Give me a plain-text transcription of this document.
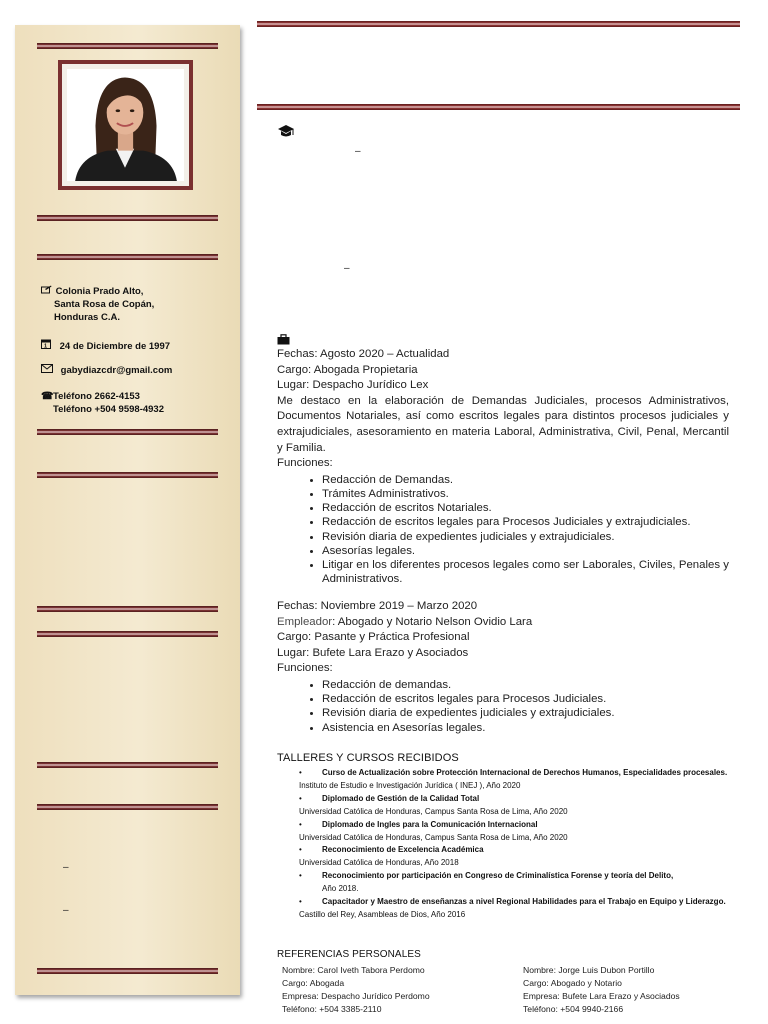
Colonia Prado Alto,
Santa Rosa de Copán,
Honduras C.A.
1 24 de Diciembre de 1997
gabydiazcdr@gmail.com
☎Teléfono 2662-4153
Teléfono +504 9598-4932
–
–
–
–

Fechas: Agosto 2020 – Actualidad

Cargo: Abogada Propietaria

Lugar: Despacho Jurídico Lex

Me destaco en la elaboración de Demandas Judiciales, procesos Administrativos, Documentos Notariales, así como escritos legales para distintos procesos judiciales y extrajudiciales, asesoramiento en materia Laboral, Administrativa, Civil, Penal, Mercantil y Familia.

Funciones:

• Redacción de Demandas.
• Trámites Administrativos.
• Redacción de escritos Notariales.
• Redacción de escritos legales para Procesos Judiciales y extrajudiciales.
• Revisión diaria de expedientes judiciales y extrajudiciales.
• Asesorías legales.
• Litigar en los diferentes procesos legales como ser Laborales, Civiles, Penales y Administrativos.

Fechas: Noviembre 2019 – Marzo 2020

Empleador: Abogado y Notario Nelson Ovidio Lara

Cargo: Pasante y Práctica Profesional

Lugar: Bufete Lara Erazo y Asociados

Funciones:

• Redacción de demandas.
• Redacción de escritos legales para Procesos Judiciales.
• Revisión diaria de expedientes judiciales y extrajudiciales.
• Asistencia en Asesorías legales.
TALLERES Y CURSOS RECIBIDOS
•	Curso de Actualización sobre Protección Internacional de Derechos Humanos, Especialidades procesales.
Instituto de Estudio e Investigación Jurídica ( INEJ ), Año 2020
•	Diplomado de Gestión de la Calidad Total
Universidad Católica de Honduras, Campus Santa Rosa de Lima, Año 2020
•	Diplomado de Ingles para la Comunicación Internacional
Universidad Católica de Honduras, Campus Santa Rosa de Lima, Año 2020
•	Reconocimiento de Excelencia Académica
Universidad Católica de Honduras, Año 2018
•	Reconocimiento por participación en Congreso de Criminalística Forense y teoría del Delito,
Año 2018.
•	Capacitador y Maestro de enseñanzas a nivel Regional Habilidades para el Trabajo en Equipo y Liderazgo. Castillo del Rey, Asambleas de Dios, Año 2016
REFERENCIAS PERSONALES
Nombre: Carol Iveth Tabora Perdomo
Cargo: Abogada
Empresa: Despacho Jurídico Perdomo
Teléfono: +504 3385-2110
Nombre: Jorge Luis Dubon Portillo
Cargo: Abogado y Notario
Empresa: Bufete Lara Erazo y Asociados
Teléfono: +504 9940-2166
